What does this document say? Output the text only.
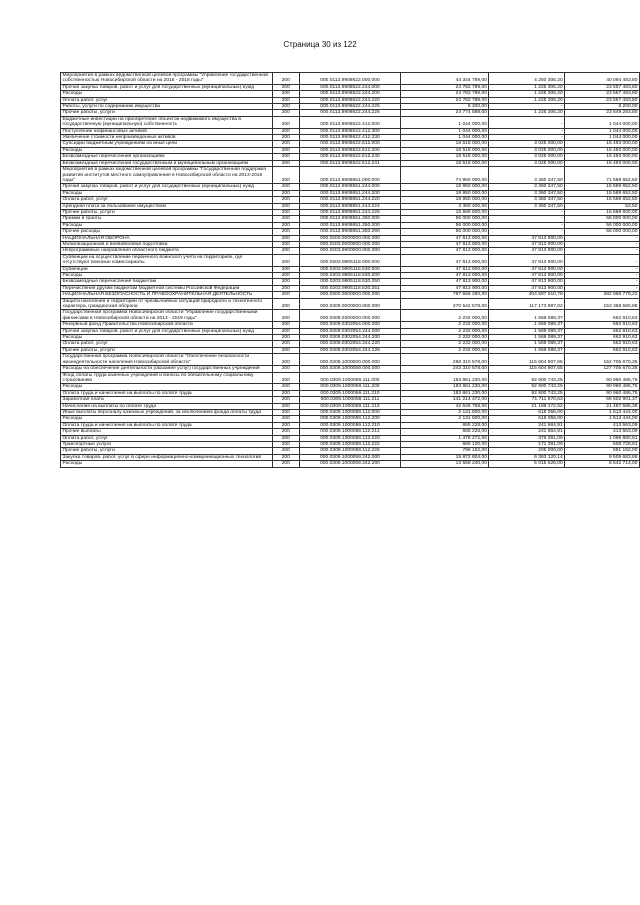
Страница 30 из 122
Мероприятия в рамках ведомственной целевой программы "Управление государственной собственностью Новосибирской области на 2015 - 2018 годы"	200	000.0113.9908622.000.000	44 344 789,00	4 250 306,20	40 094 483,80
Прочая закупка товаров, работ и услуг для государственных (муниципальных) нужд	200	000.0113.9908622.244.000	24 782 789,00	1 225 306,20	23 557 483,80
Расходы	200	000.0113.9908622.244.200	24 782 789,00	1 225 306,20	23 557 483,80
Оплата работ, услуг	200	000.0113.9908622.244.220	24 782 789,00	1 225 306,20	23 557 483,80
Работы, услуги по содержанию имущества	200	000.0113.9908622.244.225	8 200,00	-	8 200,00
Прочие работы, услуги	200	000.0113.9908622.244.226	24 774 589,00	1 225 306,20	23 549 283,80
Бюджетные инвестиции на приобретение объектов недвижимого имущества в государственную (муниципальную) собственность	200	000.0113.9908622.412.000	1 044 000,00	-	1 044 000,00
Поступление нефинансовых активов	200	000.0113.9908622.412.300	1 044 000,00	-	1 044 000,00
Увеличение стоимости непроизведенных активов	200	000.0113.9908622.412.330	1 044 000,00	-	1 044 000,00
Субсидии бюджетным учреждениям на иные цели	200	000.0113.9908622.612.000	18 518 000,00	3 025 000,00	15 493 000,00
Расходы	200	000.0113.9908622.612.200	18 518 000,00	3 025 000,00	15 493 000,00
Безвозмездные перечисления организациям	200	000.0113.9908622.612.240	18 518 000,00	3 025 000,00	15 493 000,00
Безвозмездные перечисления государственным и муниципальным организациям	200	000.0113.9908622.612.241	18 518 000,00	3 025 000,00	15 493 000,00
Мероприятия в рамках ведомственной целевой программы "Государственная поддержка развития институтов местного самоуправления в Новосибирской области на 2013-2015 годы"	200	000.0113.9908651.000.000	74 950 000,00	3 360 347,50	71 589 652,50
Прочая закупка товаров, работ и услуг для государственных (муниципальных) нужд	200	000.0113.9908651.244.000	18 950 000,00	3 360 347,50	15 589 652,50
Расходы	200	000.0113.9908651.244.200	18 950 000,00	3 360 347,50	15 589 652,50
Оплата работ, услуг	200	000.0113.9908651.244.220	18 950 000,00	3 360 347,50	15 589 652,50
Арендная плата за пользование имуществом	200	000.0113.9908651.244.224	3 360 400,00	3 360 347,50	52,50
Прочие работы, услуги	200	000.0113.9908651.244.226	15 589 600,00	-	15 589 600,00
Премии и гранты	200	000.0113.9908651.350.000	56 000 000,00	-	56 000 000,00
Расходы	200	000.0113.9908651.350.200	56 000 000,00	-	56 000 000,00
Прочие расходы	200	000.0113.9908651.350.290	56 000 000,00	-	56 000 000,00
НАЦИОНАЛЬНАЯ ОБОРОНА	200	000.0200.0000000.000.000	47 813 900,00	47 813 900,00	-
Мобилизационная и вневойсковая подготовка	200	000.0203.0000000.000.000	47 813 900,00	47 813 900,00	-
Непрограммные направления областного бюджета	200	000.0203.9900000.000.000	47 813 900,00	47 813 900,00	-
Субвенции на осуществление первичного воинского учета на территориях, где отсутствуют военные комиссариаты	200	000.0203.9905118.000.000	47 813 900,00	47 813 900,00	-
Субвенции	200	000.0203.9905118.530.000	47 813 900,00	47 813 900,00	-
Расходы	200	000.0203.9905118.530.200	47 813 900,00	47 813 900,00	-
Безвозмездные перечисления бюджетам	200	000.0203.9905118.530.250	47 813 900,00	47 813 900,00	-
Перечисления другим бюджетам бюджетной системы Российской Федерации	200	000.0203.9905118.530.251	47 813 900,00	47 813 900,00	-
НАЦИОНАЛЬНАЯ БЕЗОПАСНОСТЬ И ПРАВООХРАНИТЕЛЬНАЯ ДЕЯТЕЛЬНОСТЬ	200	000.0300.0000000.000.000	787 566 290,00	404 597 510,78	382 968 779,22
Защита населения и территории от чрезвычайных ситуаций природного и техногенного характера, гражданская оборона	200	000.0309.0000000.000.000	270 542 578,00	117 173 997,02	153 368 580,98
Государственная программа Новосибирской области "Управление государственными финансами в Новосибирской области на 2014 - 2019 годы"	200	000.0309.0300000.000.000	2 232 000,00	1 569 089,37	662 910,63
Резервный фонд Правительства Новосибирской области	200	000.0309.0302054.000.000	2 232 000,00	1 569 089,37	662 910,63
Прочая закупка товаров, работ и услуг для государственных (муниципальных) нужд	200	000.0309.0302054.244.000	2 232 000,00	1 569 089,37	662 910,63
Расходы	200	000.0309.0302054.244.200	2 232 000,00	1 569 089,37	662 910,63
Оплата работ, услуг	200	000.0309.0302054.244.220	2 232 000,00	1 569 089,37	662 910,63
Прочие работы, услуги	200	000.0309.0302054.244.226	2 232 000,00	1 569 089,37	662 910,63
Государственная программа Новосибирской области "Обеспечение безопасности жизнедеятельности населения Новосибирской области"	200	000.0309.1000000.000.000	268 310 578,00	115 604 907,65	152 705 670,35
Расходы на обеспечение деятельности (оказание услуг) государственных учреждений	200	000.0309.1000059.000.000	243 310 578,00	115 604 907,65	127 705 670,35
Фонд оплаты труда казенных учреждений и взносы по обязательному социальному страхованию	200	000.0309.1000059.111.000	183 861 230,00	92 900 743,25	90 960 486,75
Расходы	200	000.0309.1000059.111.200	183 861 230,00	92 900 743,25	90 960 486,75
Оплата труда и начисления на выплаты по оплате труда	200	000.0309.1000059.111.210	183 861 230,00	92 900 743,25	90 960 486,75
Заработная плата	200	000.0309.1000059.111.211	141 214 472,00	71 711 570,63	69 502 901,37
Начисления на выплаты по оплате труда	200	000.0309.1000059.111.213	42 646 758,00	21 189 172,62	21 457 585,38
Иные выплаты персоналу казенных учреждений, за исключением фонда оплаты труда	200	000.0309.1000059.112.000	2 131 500,00	618 056,00	1 513 444,00
Расходы	200	000.0309.1000059.112.200	2 131 500,00	618 056,00	1 513 444,00
Оплата труда и начисления на выплаты по оплате труда	200	000.0309.1000059.112.210	655 228,00	241 664,91	413 563,09
Прочие выплаты	200	000.0309.1000059.112.212	655 228,00	241 664,91	413 563,09
Оплата работ, услуг	200	000.0309.1000059.112.220	1 476 272,00	376 391,09	1 099 880,91
Транспортные услуги	200	000.0309.1000059.112.222	680 120,00	171 391,09	508 728,91
Прочие работы, услуги	200	000.0309.1000059.112.226	796 152,00	205 000,00	591 152,00
Закупка товаров, работ, услуг в сфере информационно-коммуникационных технологий	200	000.0309.1000059.242.000	15 872 804,00	6 363 120,14	9 509 683,86
Расходы	200	000.0309.1000059.242.200	13 558 240,00	5 015 526,00	8 542 714,00
